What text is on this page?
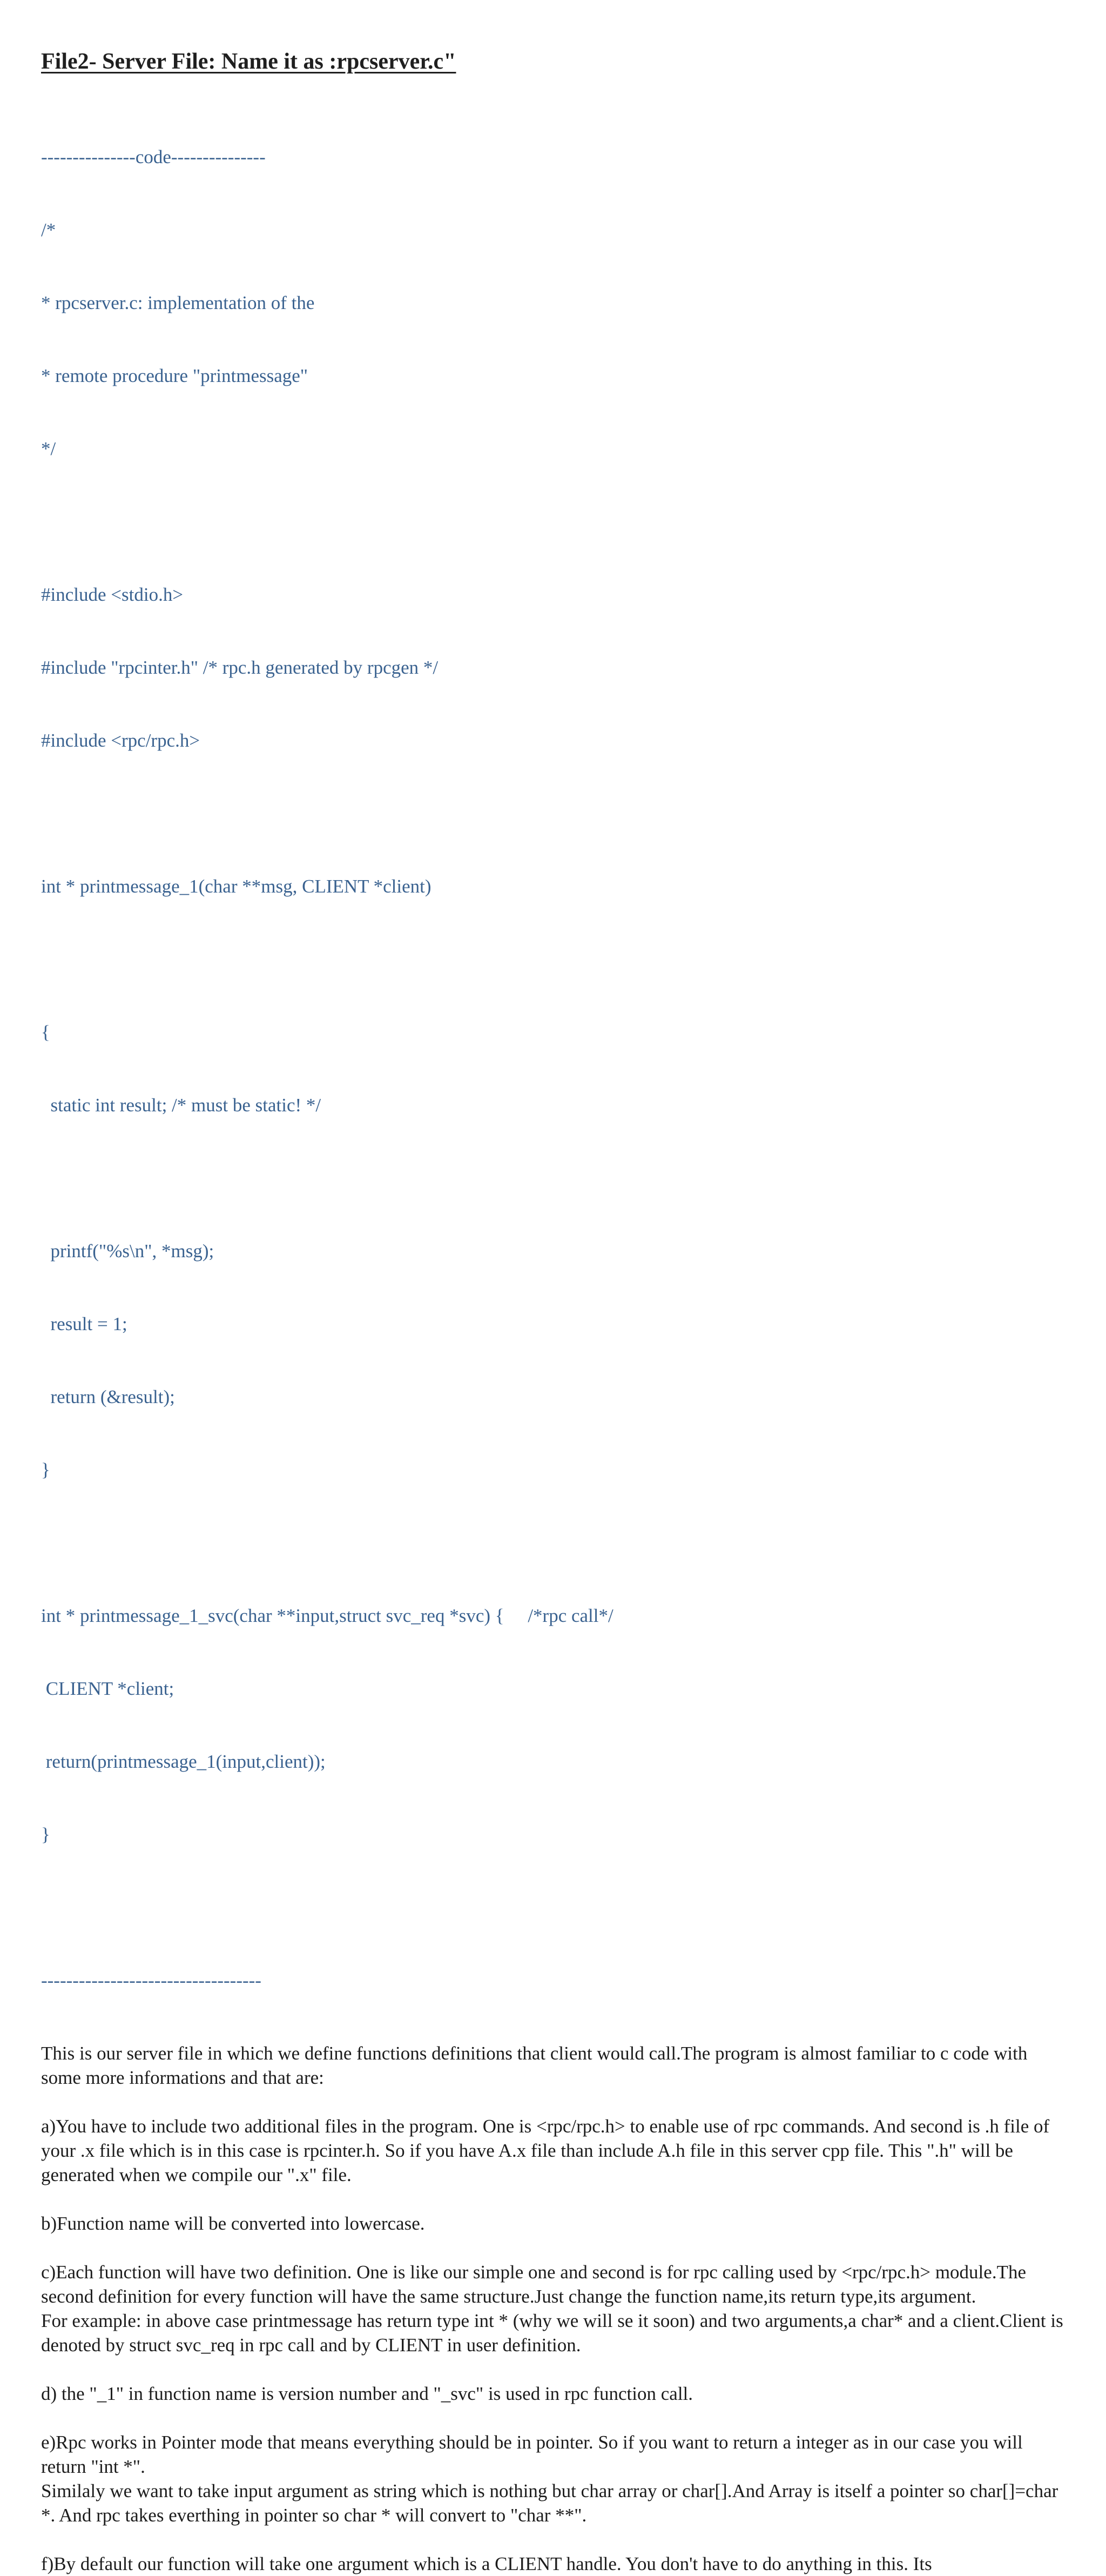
File2- Server File: Name it as :rpcserver.c"

---------------code---------------

/*

* rpcserver.c: implementation of the

* remote procedure "printmessage"

*/

#include <stdio.h>

#include "rpcinter.h" /* rpc.h generated by rpcgen */

#include <rpc/rpc.h>

int * printmessage_1(char **msg, CLIENT *client)

{

static int result; /* must be static! */

printf("%s\n", *msg);

result = 1;

return (&result);

}

int * printmessage_1_svc(char **input,struct svc_req *svc) {     /*rpc call*/

CLIENT *client;

return(printmessage_1(input,client));

}

-----------------------------------

This is our server file in which we define functions definitions that client would call.The program is almost familiar to c code with some more informations and that are:
a)You have to include two additional files in the program. One is <rpc/rpc.h> to enable use of rpc commands. And second is .h file of your .x file which is in this case is rpcinter.h. So if you have A.x file than include A.h file in this server cpp file. This ".h" will be generated when we compile our ".x" file.
b)Function name will be converted into lowercase.
c)Each function will have two definition. One is like our simple one and second is for rpc calling used by <rpc/rpc.h> module.The second definition for every function will have the same structure.Just change the function name,its return type,its argument.
For example: in above case printmessage has return type int * (why we will se it soon) and two arguments,a char* and a client.Client is denoted by struct svc_req in rpc call and by CLIENT in user definition.
d) the "_1" in function name is version number and "_svc" is used in rpc function call.
e)Rpc works in Pointer mode that means everything should be in pointer. So if you want to return a integer as in our case you will return "int *".
Similaly we want to take input argument as string which is nothing but char array or char[].And Array is itself a pointer so char[]=char *. And rpc takes everthing in pointer so char * will convert to "char **".
f)By default our function will take one argument which is a CLIENT handle. You don't have to do anything in this. Its
